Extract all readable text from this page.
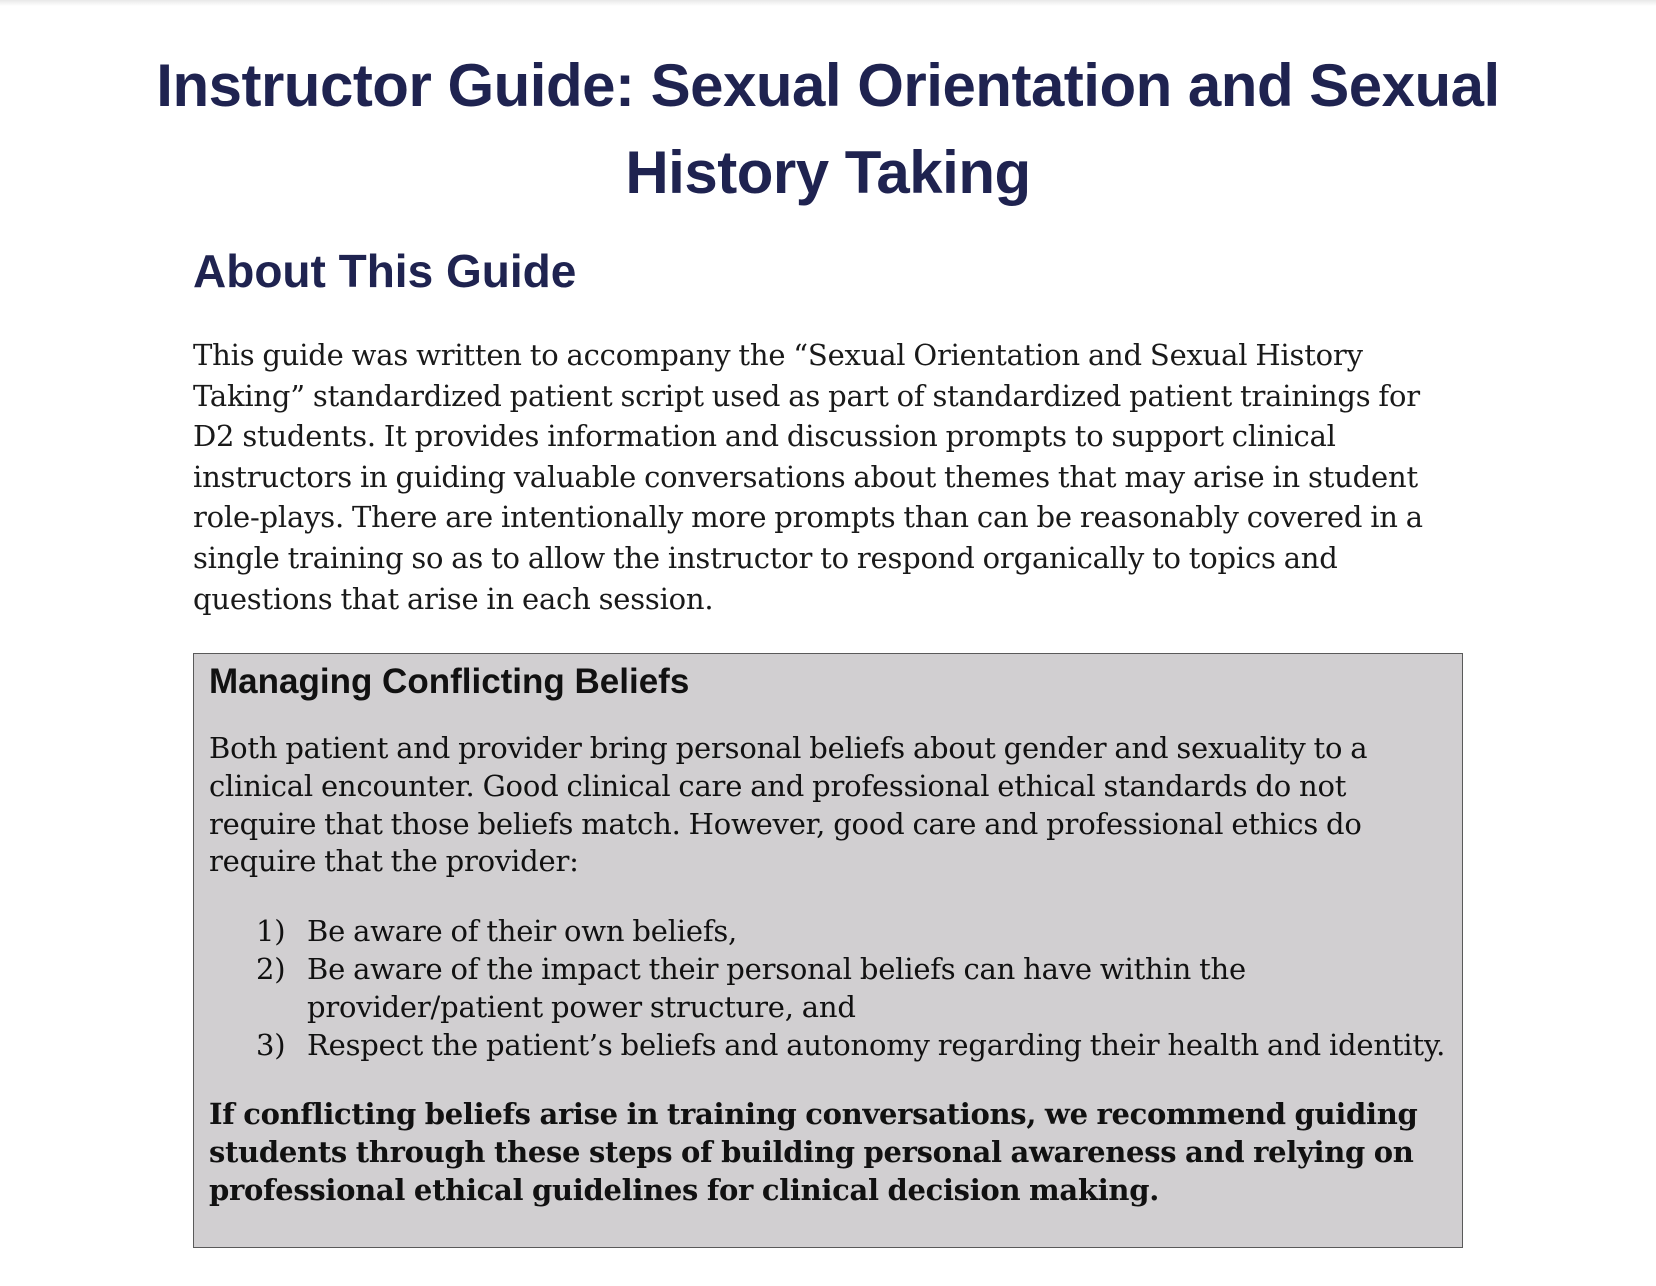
Instructor Guide: Sexual Orientation and Sexual History Taking
About This Guide

This guide was written to accompany the “Sexual Orientation and Sexual History Taking” standardized patient script used as part of standardized patient trainings for D2 students. It provides information and discussion prompts to support clinical instructors in guiding valuable conversations about themes that may arise in student role-plays. There are intentionally more prompts than can be reasonably covered in a single training so as to allow the instructor to respond organically to topics and questions that arise in each session.

Managing Conflicting Beliefs

Both patient and provider bring personal beliefs about gender and sexuality to a clinical encounter. Good clinical care and professional ethical standards do not require that those beliefs match. However, good care and professional ethics do require that the provider:

1) Be aware of their own beliefs,
2) Be aware of the impact their personal beliefs can have within the provider/patient power structure, and
3) Respect the patient’s beliefs and autonomy regarding their health and identity.

If conflicting beliefs arise in training conversations, we recommend guiding students through these steps of building personal awareness and relying on professional ethical guidelines for clinical decision making.
